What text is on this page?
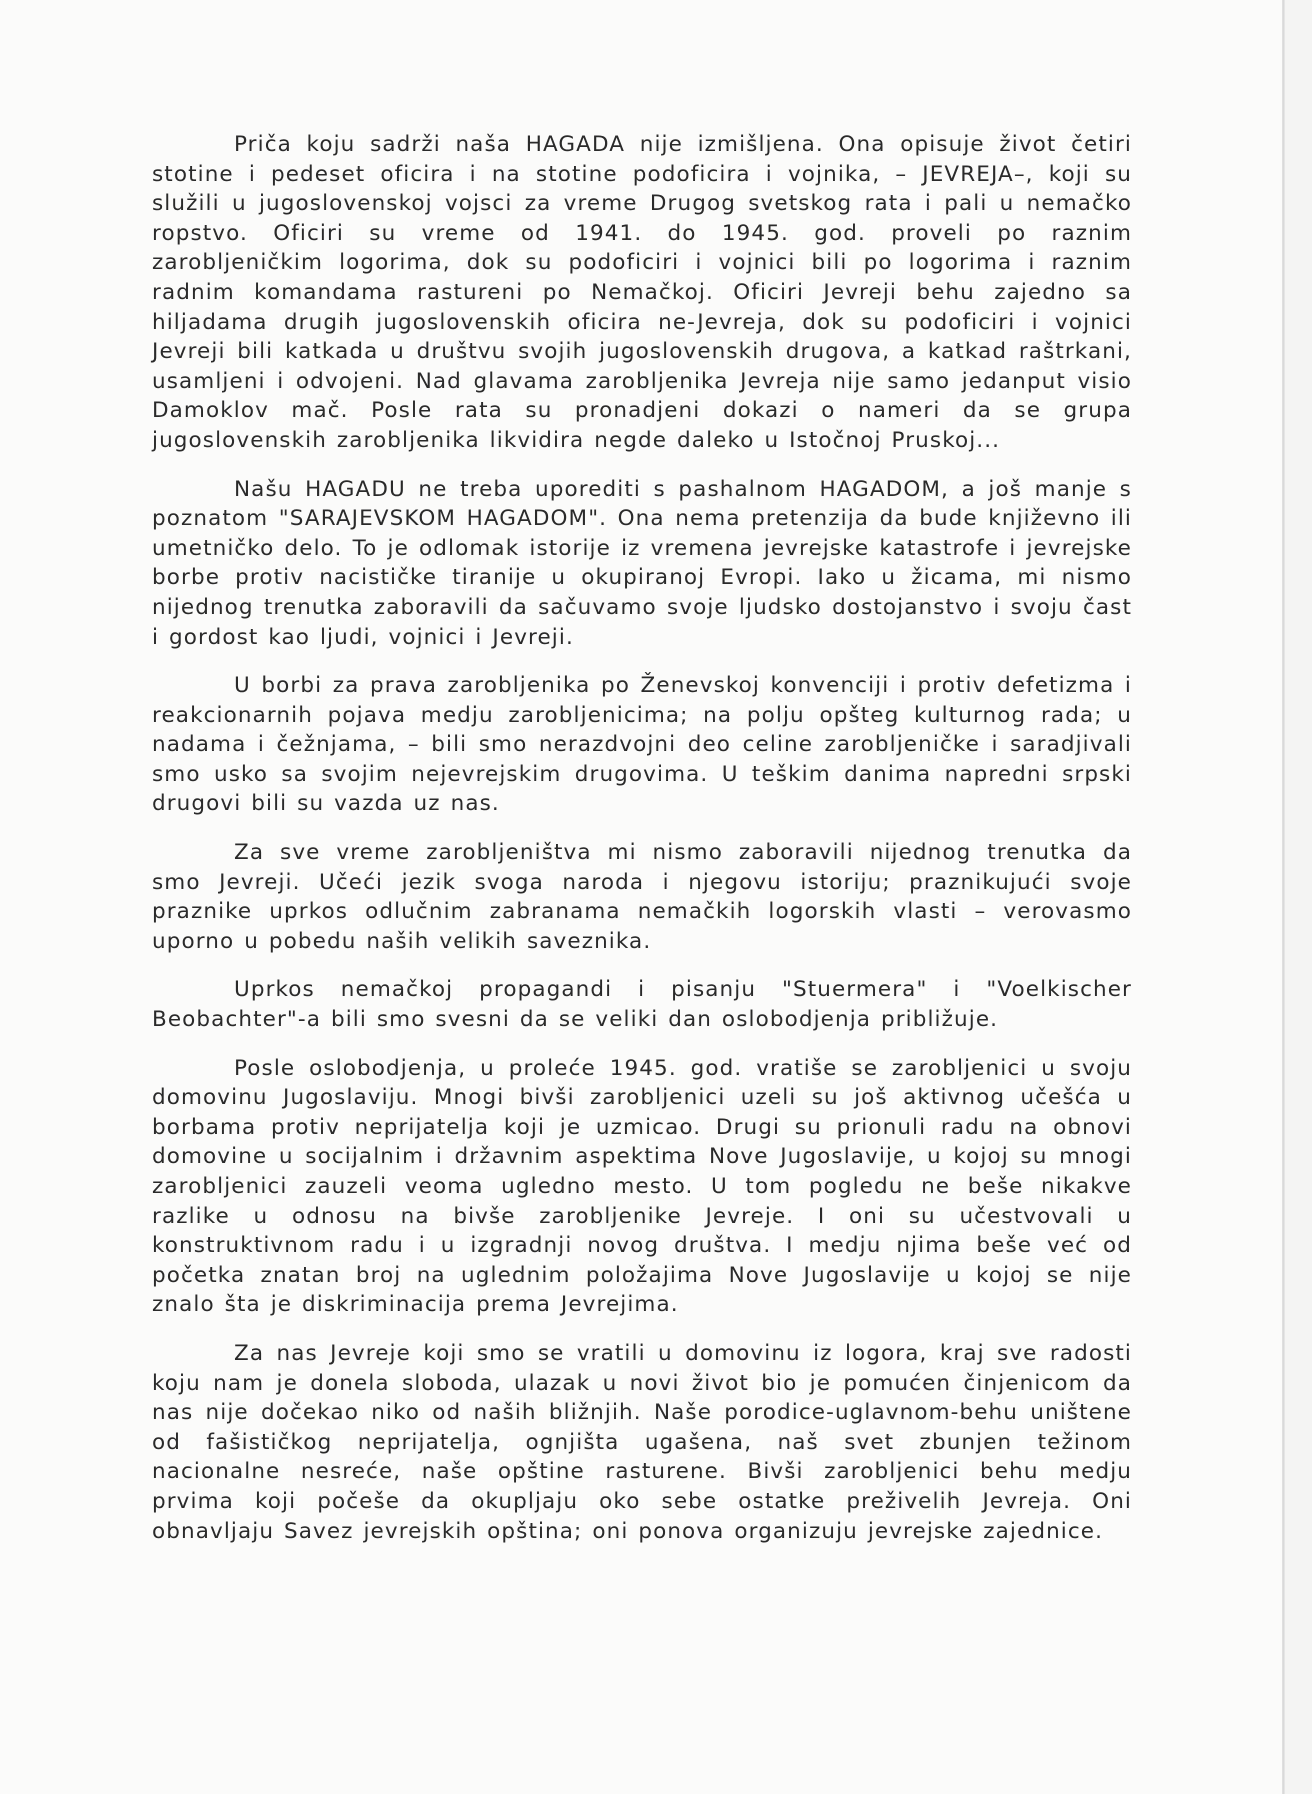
Priča koju sadrži naša HAGADA nije izmišljena. Ona opisuje život četiri stotine i pedeset oficira i na stotine podoficira i vojnika, – JEVREJA–, koji su služili u jugoslovenskoj vojsci za vreme Drugog svetskog rata i pali u nemačko ropstvo. Oficiri su vreme od 1941. do 1945. god. proveli po raznim zarobljeničkim logorima, dok su podoficiri i vojnici bili po logorima i raznim radnim komandama rastureni po Nemačkoj. Oficiri Jevreji behu zajedno sa hiljadama drugih jugoslovenskih oficira ne-Jevreja, dok su podoficiri i vojnici Jevreji bili katkada u društvu svojih jugoslovenskih drugova, a katkad raštrkani, usamljeni i odvojeni. Nad glavama zarobljenika Jevreja nije samo jedanput visio Damoklov mač. Posle rata su pronadjeni dokazi o nameri da se grupa jugoslovenskih zarobljenika likvidira negde daleko u Istočnoj Pruskoj...

Našu HAGADU ne treba uporediti s pashalnom HAGADOM, a još manje s poznatom "SARAJEVSKOM HAGADOM". Ona nema pretenzija da bude književno ili umetničko delo. To je odlomak istorije iz vremena jevrejske katastrofe i jevrejske borbe protiv nacističke tiranije u okupiranoj Evropi. Iako u žicama, mi nismo nijednog trenutka zaboravili da sačuvamo svoje ljudsko dostojanstvo i svoju čast i gordost kao ljudi, vojnici i Jevreji.

U borbi za prava zarobljenika po Ženevskoj konvenciji i protiv defetizma i reakcionarnih pojava medju zarobljenicima; na polju opšteg kulturnog rada; u nadama i čežnjama, – bili smo nerazdvojni deo celine zarobljeničke i saradjivali smo usko sa svojim nejevrejskim drugovima. U teškim danima napredni srpski drugovi bili su vazda uz nas.

Za sve vreme zarobljeništva mi nismo zaboravili nijednog trenutka da smo Jevreji. Učeći jezik svoga naroda i njegovu istoriju; praznikujući svoje praznike uprkos odlučnim zabranama nemačkih logorskih vlasti – verovasmo uporno u pobedu naših velikih saveznika.

Uprkos nemačkoj propagandi i pisanju "Stuermera" i "Voelkischer Beobachter"-a bili smo svesni da se veliki dan oslobodjenja približuje.

Posle oslobodjenja, u proleće 1945. god. vratiše se zarobljenici u svoju domovinu Jugoslaviju. Mnogi bivši zarobljenici uzeli su još aktivnog učešća u borbama protiv neprijatelja koji je uzmicao. Drugi su prionuli radu na obnovi domovine u socijalnim i državnim aspektima Nove Jugoslavije, u kojoj su mnogi zarobljenici zauzeli veoma ugledno mesto. U tom pogledu ne beše nikakve razlike u odnosu na bivše zarobljenike Jevreje. I oni su učestvovali u konstruktivnom radu i u izgradnji novog društva. I medju njima beše već od početka znatan broj na uglednim položajima Nove Jugoslavije u kojoj se nije znalo šta je diskriminacija prema Jevrejima.

Za nas Jevreje koji smo se vratili u domovinu iz logora, kraj sve radosti koju nam je donela sloboda, ulazak u novi život bio je pomućen činjenicom da nas nije dočekao niko od naših bližnjih. Naše porodice-uglavnom-behu uništene od fašističkog neprijatelja, ognjišta ugašena, naš svet zbunjen težinom nacionalne nesreće, naše opštine rasturene. Bivši zarobljenici behu medju prvima koji počeše da okupljaju oko sebe ostatke preživelih Jevreja. Oni obnavljaju Savez jevrejskih opština; oni ponova organizuju jevrejske zajednice.
